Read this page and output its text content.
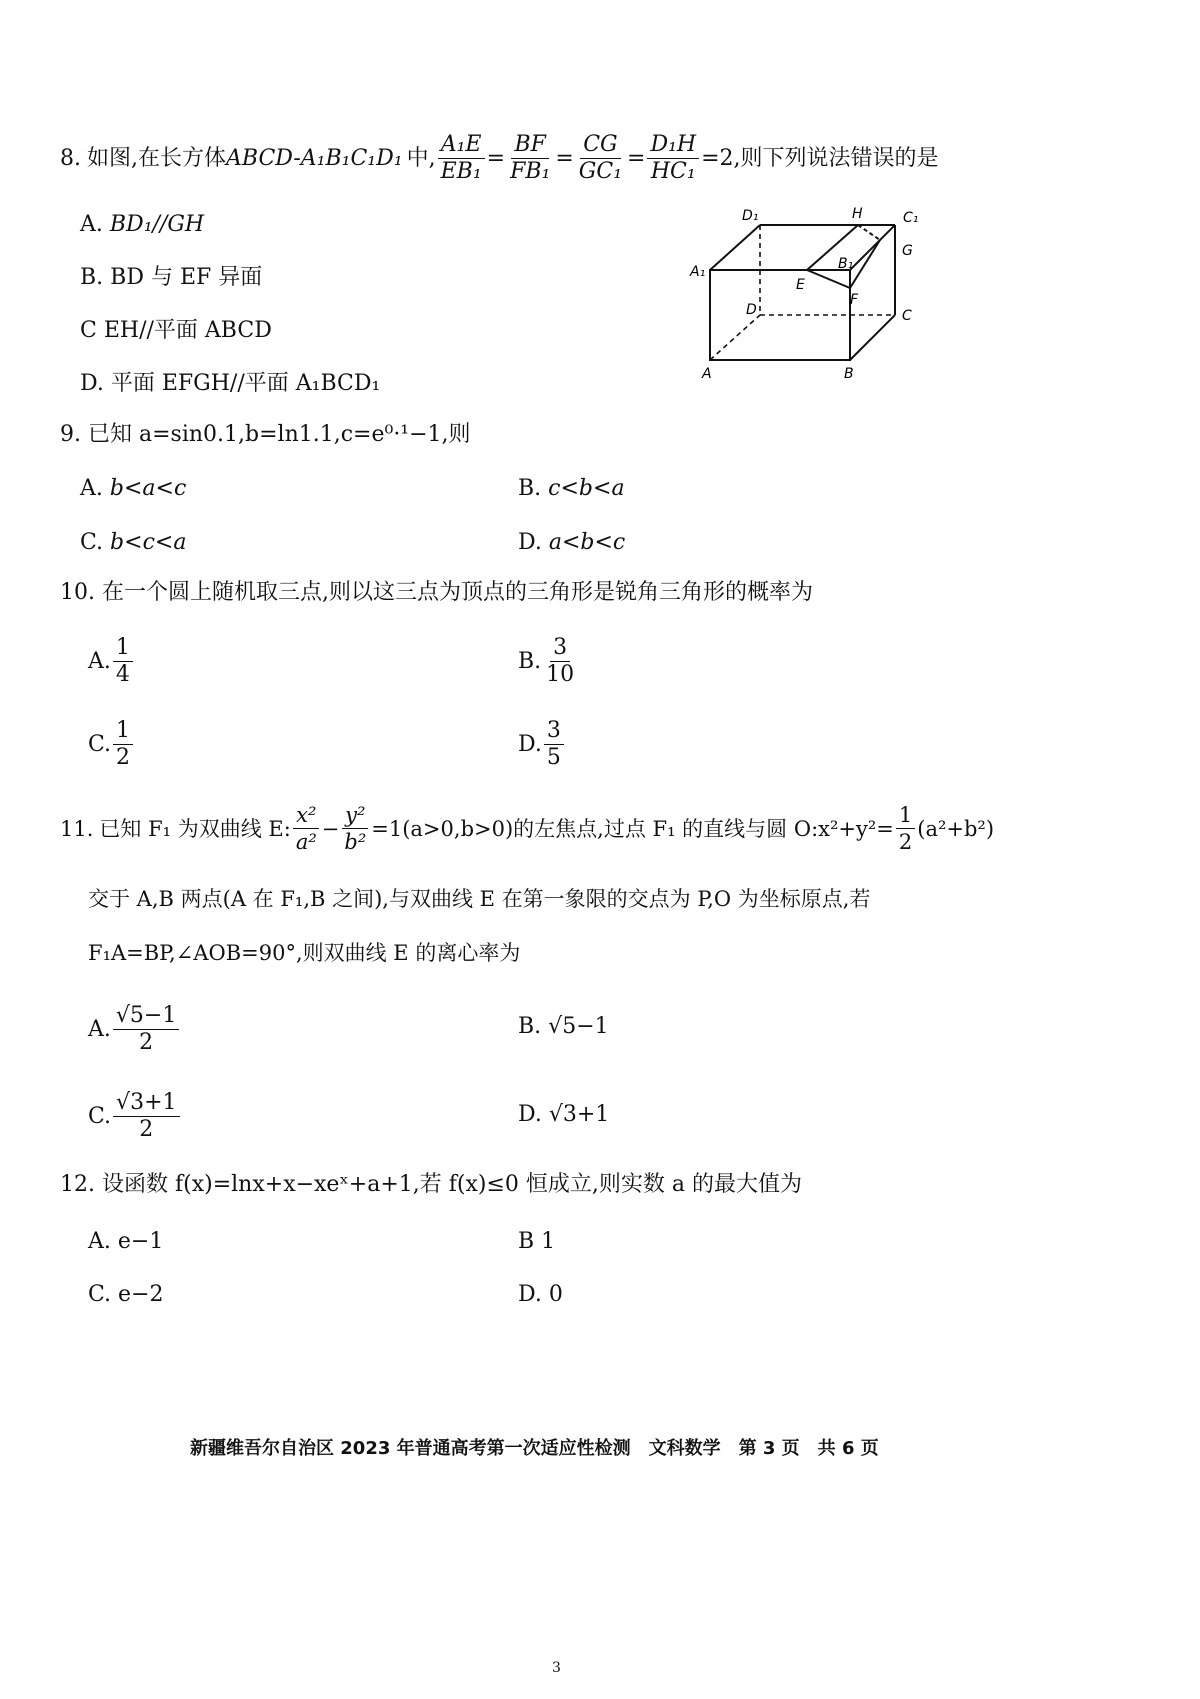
8. 如图,在长方体 ABCD-A₁B₁C₁D₁ 中, $\frac{\text{A₁E}}{\text{EB₁}} = \frac{BF}{\text{FB₁}} = \frac{CG}{\text{GC₁}} = \frac{\text{D₁H}}{\text{HC₁}} =2$, 则下列说法错误的是
A. BD₁//GH
B. BD 与 EF 异面
C EH//平面 ABCD
D. 平面 EFGH//平面 A₁BCD₁
D₁	H	C₁
G
A₁	B₁
E
F
D	C
A	B
9. 已知 a=sin0.1,b=ln1.1,c=e⁰·¹−1,则
A. b<a<c	B. c<b<a
C. b<c<a	D. a<b<c
10. 在一个圆上随机取三点,则以这三点为顶点的三角形是锐角三角形的概率为
A. $\frac{1}{4}$	B. $\frac{3}{10}$
C. $\frac{1}{2}$	D. $\frac{3}{5}$
11. 已知 F₁ 为双曲线 E: $\frac{\text{x²}}{\text{a²}} - \frac{\text{y²}}{\text{b²}} =1(a>0,b>0)$的左焦点,过点 F₁ 的直线与圆 O:x²+y²= $\frac{1}{2} (a^2+b^2)$
交于 A,B 两点(A 在 F₁,B 之间),与双曲线 E 在第一象限的交点为 P,O 为坐标原点,若
F₁A=BP,∠AOB=90°,则双曲线 E 的离心率为
A. $\frac{√5-1}{2}$	B. √5−1
C. $\frac{√3+1}{2}$	D. √3+1
12. 设函数 f(x)=lnx+x−xeˣ+a+1,若 f(x)≤0 恒成立,则实数 a 的最大值为
A. e−1	B 1
C. e−2	D. 0
新疆维吾尔自治区 2023 年普通高考第一次适应性检测　文科数学　第 3 页　共 6 页
3
